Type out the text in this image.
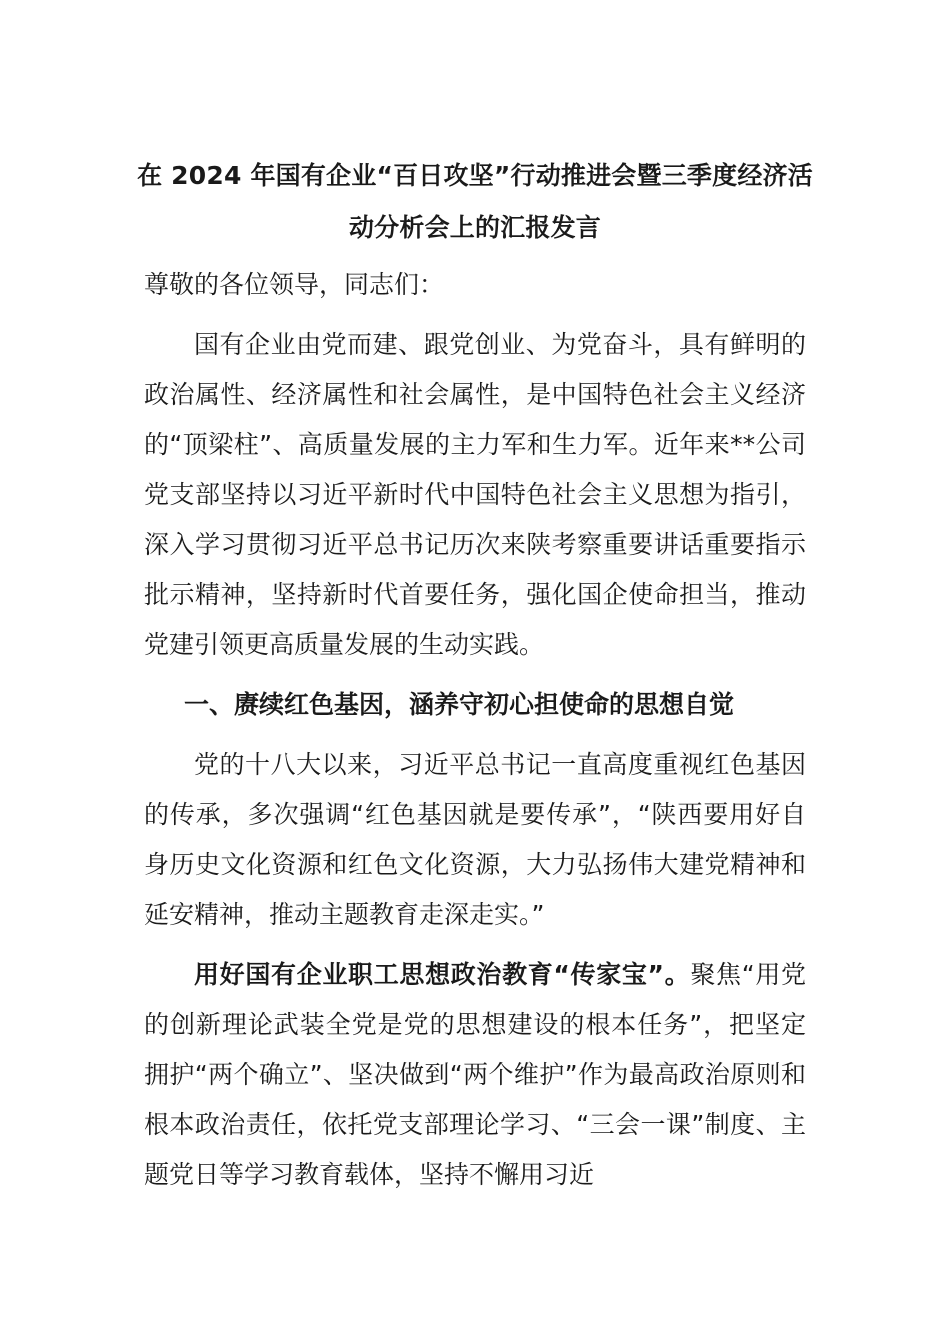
在 2024 年国有企业“百日攻坚”行动推进会暨三季度经济活动分析会上的汇报发言

尊敬的各位领导，同志们：

国有企业由党而建、跟党创业、为党奋斗，具有鲜明的政治属性、经济属性和社会属性，是中国特色社会主义经济的“顶梁柱”、高质量发展的主力军和生力军。近年来**公司党支部坚持以习近平新时代中国特色社会主义思想为指引，深入学习贯彻习近平总书记历次来陕考察重要讲话重要指示批示精神，坚持新时代首要任务，强化国企使命担当，推动党建引领更高质量发展的生动实践。

一、赓续红色基因，涵养守初心担使命的思想自觉

党的十八大以来，习近平总书记一直高度重视红色基因的传承，多次强调“红色基因就是要传承”，“陕西要用好自身历史文化资源和红色文化资源，大力弘扬伟大建党精神和延安精神，推动主题教育走深走实。”

用好国有企业职工思想政治教育“传家宝”。聚焦“用党的创新理论武装全党是党的思想建设的根本任务”，把坚定拥护“两个确立”、坚决做到“两个维护”作为最高政治原则和根本政治责任，依托党支部理论学习、“三会一课”制度、主题党日等学习教育载体，坚持不懈用习近
